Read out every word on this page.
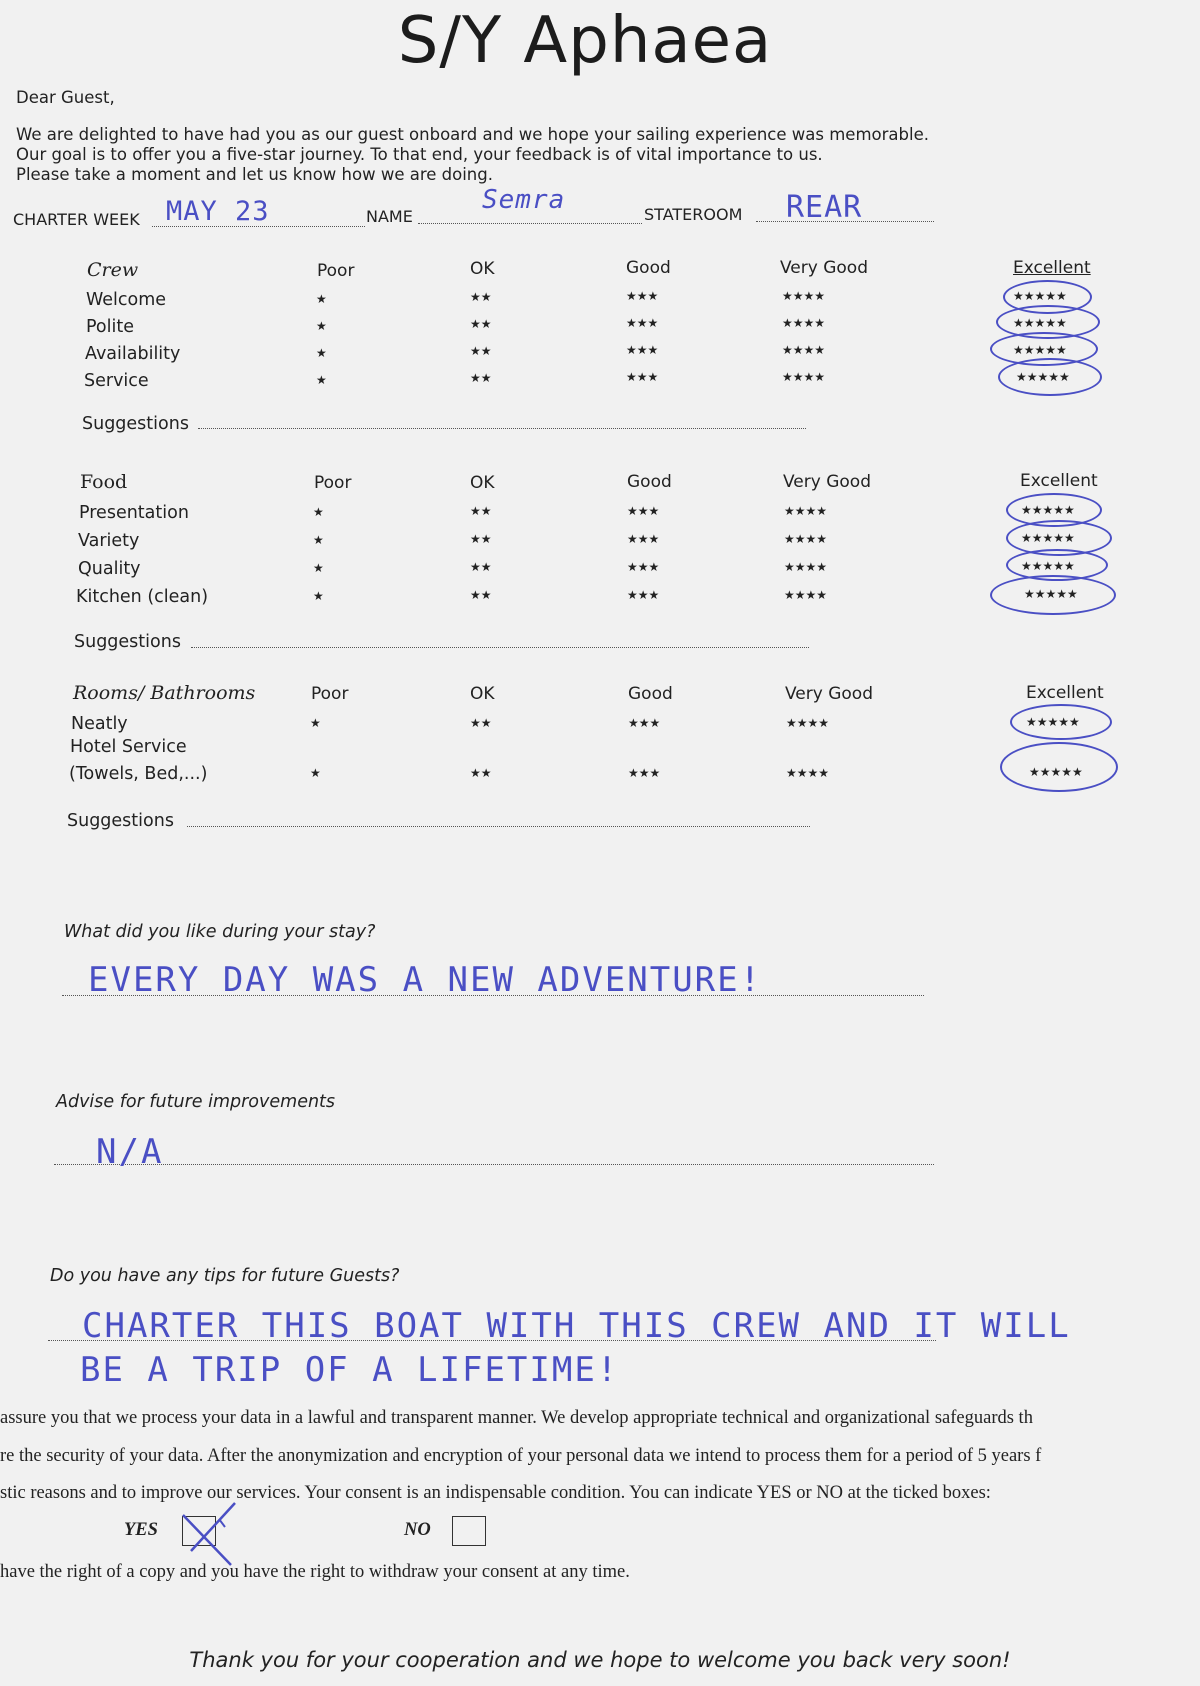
S/Y Aphaea
Dear Guest,
We are delighted to have had you as our guest onboard and we hope your sailing experience was memorable.
Our goal is to offer you a five-star journey. To that end, your feedback is of vital importance to us.
Please take a moment and let us know how we are doing.
CHARTER WEEK MAY 23	NAME
Semra	STATEROOM REAR
Crew	Poor	OK	Good	Very Good	Excellent
Welcome	★	★★	★★★	★★★★	★★★★★
Polite	★	★★	★★★	★★★★	★★★★★
Availability	★	★★	★★★	★★★★	★★★★★
Service	★	★★	★★★	★★★★	★★★★★
Suggestions
Food	Poor	OK	Good	Very Good	Excellent
Presentation	★	★★	★★★	★★★★	★★★★★
Variety	★	★★	★★★	★★★★	★★★★★
Quality	★	★★	★★★	★★★★	★★★★★
Kitchen (clean)	★	★★	★★★	★★★★	★★★★★
Suggestions
Rooms/ Bathrooms	Poor	OK	Good	Very Good	Excellent
Neatly	★	★★	★★★	★★★★	★★★★★
Hotel Service
(Towels, Bed,...)	★	★★	★★★	★★★★	★★★★★
Suggestions
What did you like during your stay?
EVERY DAY WAS A NEW ADVENTURE!
Advise for future improvements
N/A
Do you have any tips for future Guests?
CHARTER THIS BOAT WITH THIS CREW AND IT WILL
BE A TRIP OF A LIFETIME!
assure you that we process your data in a lawful and transparent manner. We develop appropriate technical and organizational safeguards th
re the security of your data. After the anonymization and encryption of your personal data we intend to process them for a period of 5 years f
stic reasons and to improve our services. Your consent is an indispensable condition. You can indicate YES or NO at the ticked boxes:
YES	NO
have the right of a copy and you have the right to withdraw your consent at any time.
Thank you for your cooperation and we hope to welcome you back very soon!
